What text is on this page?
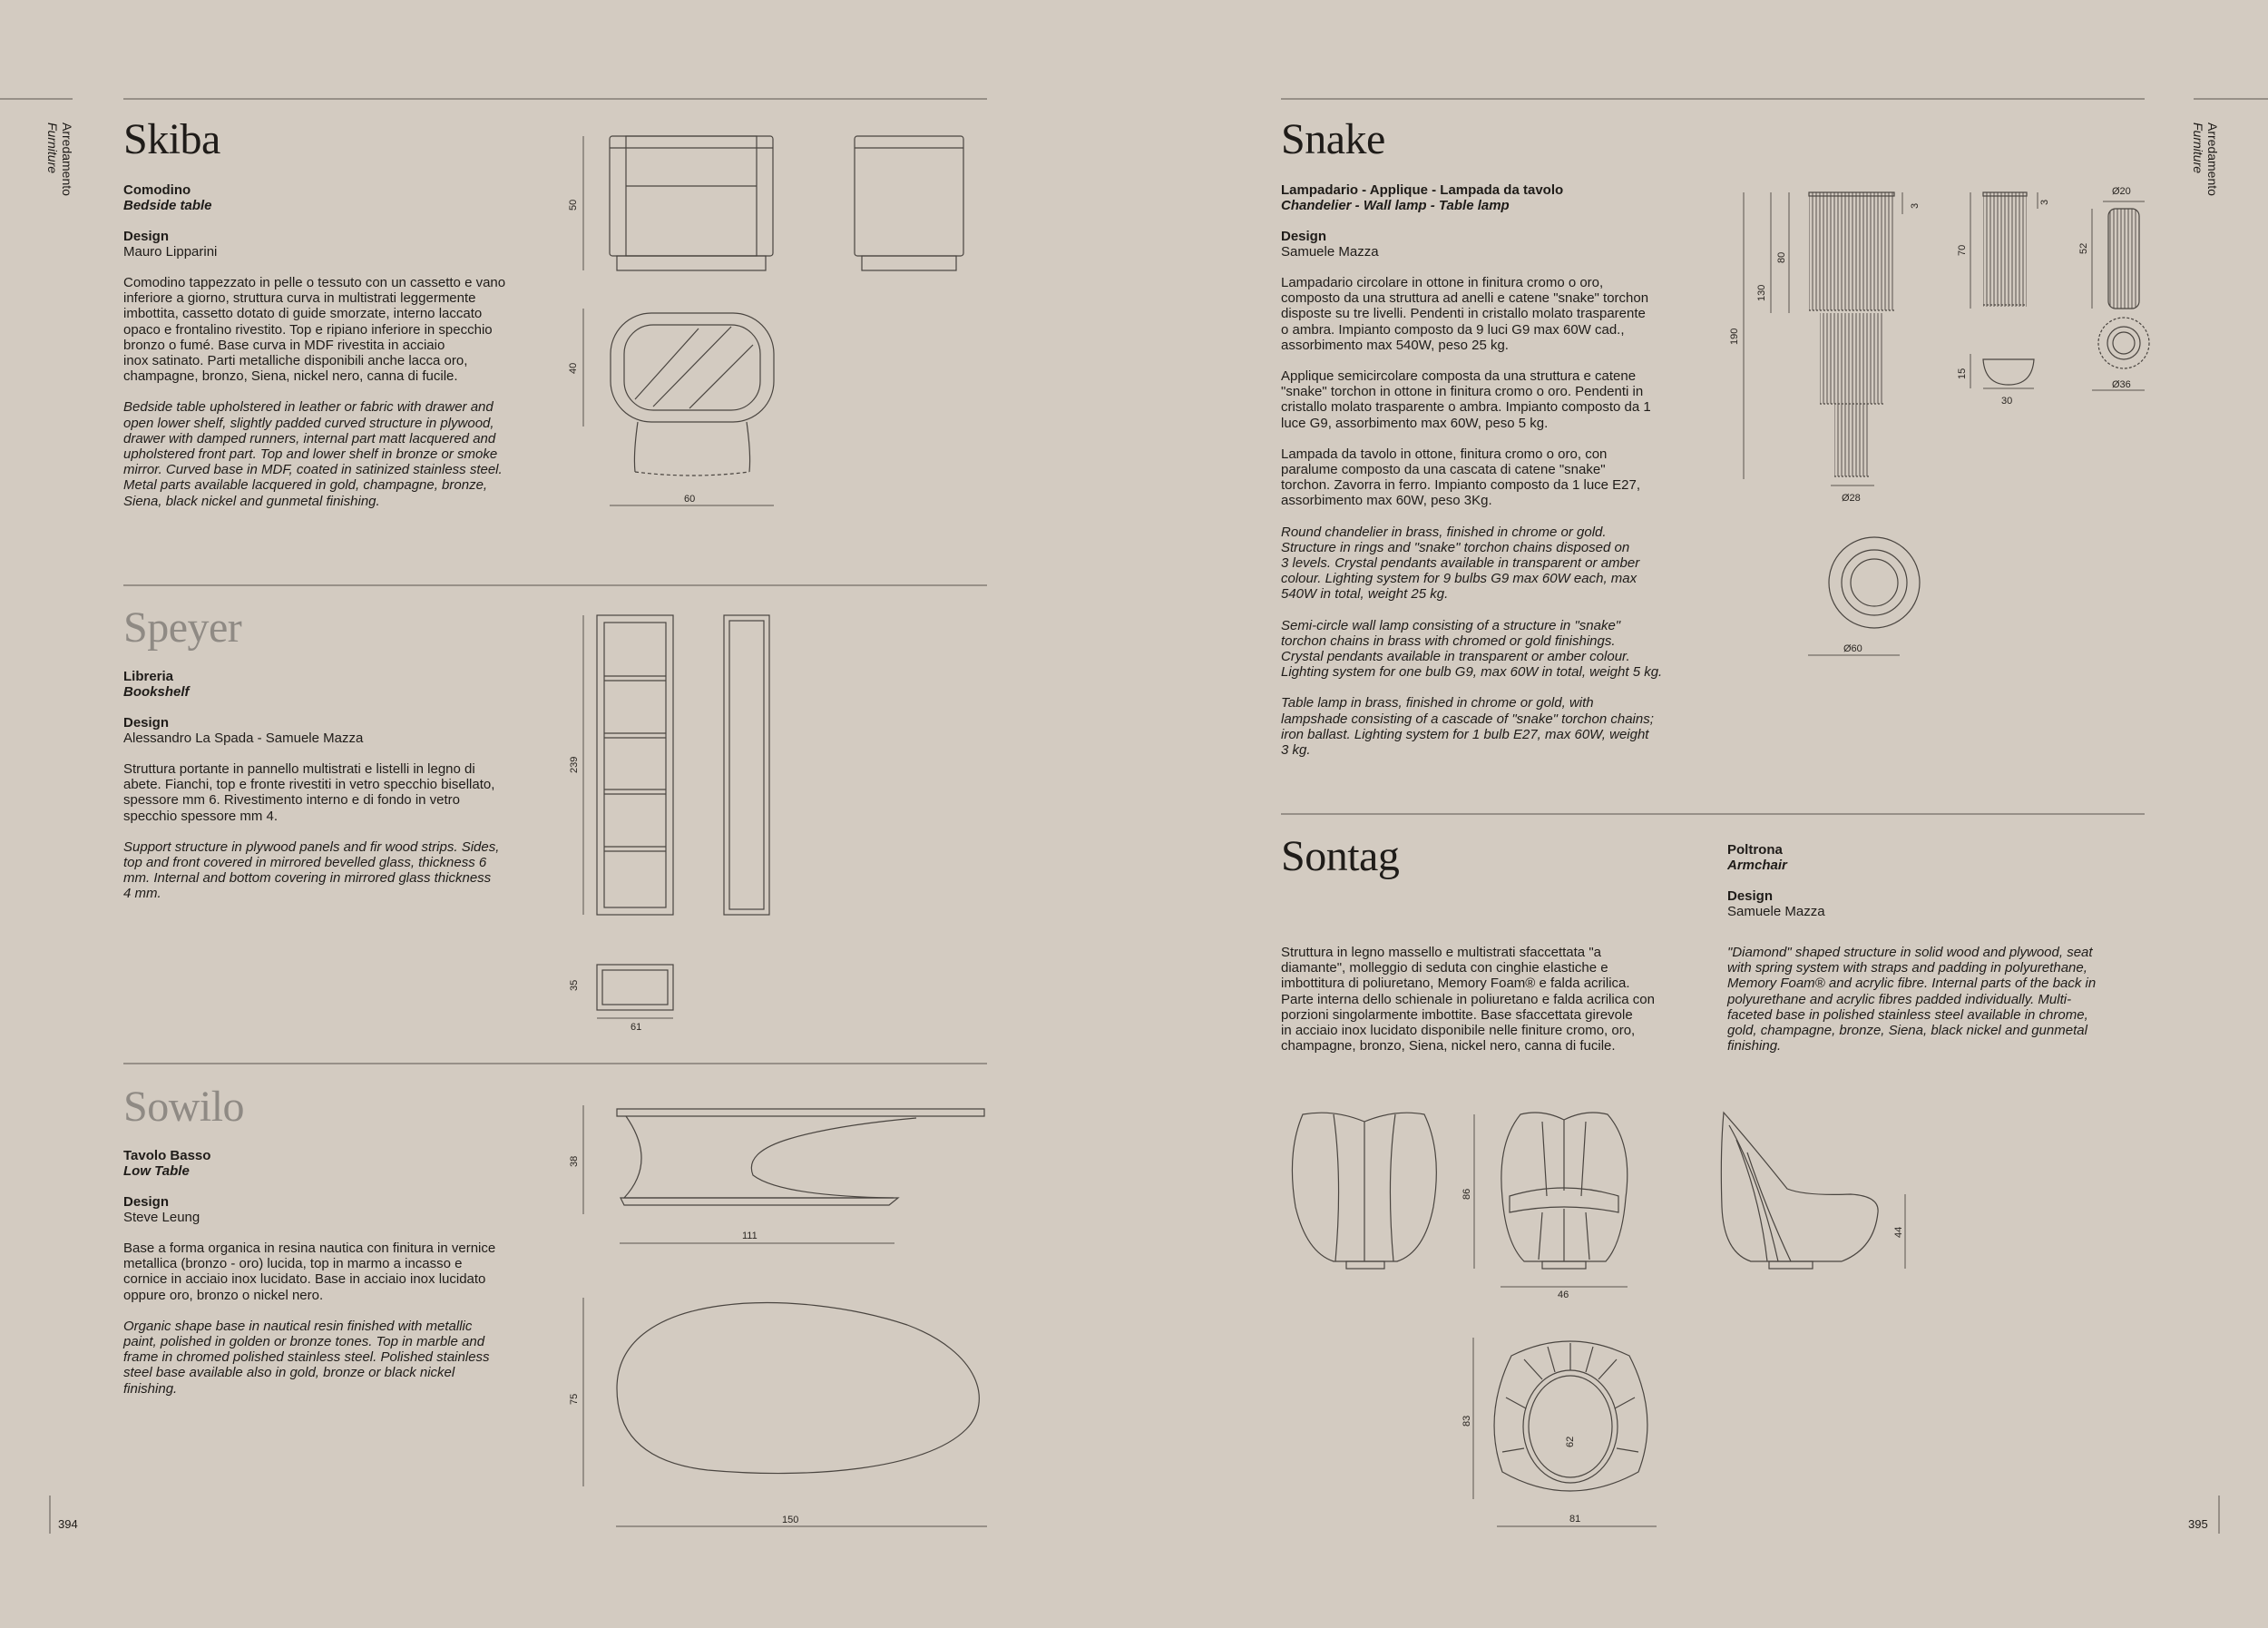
Arredamento
Furniture	Arredamento
Furniture
394	395
Skiba
Comodino
Bedside table
Design
Mauro Lipparini
Comodino tappezzato in pelle o tessuto con un cassetto e vano
inferiore a giorno, struttura curva in multistrati leggermente
imbottita, cassetto dotato di guide smorzate, interno laccato
opaco e frontalino rivestito. Top e ripiano inferiore in specchio
bronzo o fumé. Base curva in MDF rivestita in acciaio
inox satinato. Parti metalliche disponibili anche lacca oro,
champagne, bronzo, Siena, nickel nero, canna di fucile.
Bedside table upholstered in leather or fabric with drawer and
open lower shelf, slightly padded curved structure in plywood,
drawer with damped runners, internal part matt lacquered and
upholstered front part. Top and lower shelf in bronze or smoke
mirror. Curved base in MDF, coated in satinized stainless steel.
Metal parts available lacquered in gold, champagne, bronze,
Siena, black nickel and gunmetal finishing.
50
40
60
Speyer
Libreria
Bookshelf
Design
Alessandro La Spada - Samuele Mazza
Struttura portante in pannello multistrati e listelli in legno di
abete. Fianchi, top e fronte rivestiti in vetro specchio bisellato,
spessore mm 6. Rivestimento interno e di fondo in vetro
specchio spessore mm 4.
Support structure in plywood panels and fir wood strips. Sides,
top and front covered in mirrored bevelled glass, thickness 6
mm. Internal and bottom covering in mirrored glass thickness
4 mm.
239
35
61
Sowilo
Tavolo Basso
Low Table
Design
Steve Leung
Base a forma organica in resina nautica con finitura in vernice
metallica (bronzo - oro) lucida, top in marmo a incasso e
cornice in acciaio inox lucidato. Base in acciaio inox lucidato
oppure oro, bronzo o nickel nero.
Organic shape base in nautical resin finished with metallic
paint, polished in golden or bronze tones. Top in marble and
frame in chromed polished stainless steel. Polished stainless
steel base available also in gold, bronze or black nickel
finishing.
38
111
75
150
Snake
Lampadario - Applique - Lampada da tavolo
Chandelier - Wall lamp - Table lamp
Design
Samuele Mazza
Lampadario circolare in ottone in finitura cromo o oro,
composto da una struttura ad anelli e catene "snake" torchon
disposte su tre livelli. Pendenti in cristallo molato trasparente
o ambra. Impianto composto da 9 luci G9 max 60W cad.,
assorbimento max 540W, peso 25 kg.
Applique semicircolare composta da una struttura e catene
"snake" torchon in ottone in finitura cromo o oro. Pendenti in
cristallo molato trasparente o ambra. Impianto composto da 1
luce G9, assorbimento max 60W, peso 5 kg.
Lampada da tavolo in ottone, finitura cromo o oro, con
paralume composto da una cascata di catene "snake"
torchon. Zavorra in ferro. Impianto composto da 1 luce E27,
assorbimento max 60W, peso 3Kg.
Round chandelier in brass, finished in chrome or gold.
Structure in rings and "snake" torchon chains disposed on
3 levels. Crystal pendants available in transparent or amber
colour. Lighting system for 9 bulbs G9 max 60W each, max
540W in total, weight 25 kg.
Semi-circle wall lamp consisting of a structure in "snake"
torchon chains in brass with chromed or gold finishings.
Crystal pendants available in transparent or amber colour.
Lighting system for one bulb G9, max 60W in total, weight 5 kg.
Table lamp in brass, finished in chrome or gold, with
lampshade consisting of a cascade of "snake" torchon chains;
iron ballast. Lighting system for 1 bulb E27, max 60W, weight
3 kg.
3
80
130
190
Ø28
Ø60
70
3
15
30
Ø20
52
Ø36
Sontag	Poltrona
Armchair
Design
Samuele Mazza
Struttura in legno massello e multistrati sfaccettata "a
diamante", molleggio di seduta con cinghie elastiche e
imbottitura di poliuretano, Memory Foam® e falda acrilica.
Parte interna dello schienale in poliuretano e falda acrilica con
porzioni singolarmente imbottite. Base sfaccettata girevole
in acciaio inox lucidato disponibile nelle finiture cromo, oro,
champagne, bronzo, Siena, nickel nero, canna di fucile.
"Diamond" shaped structure in solid wood and plywood, seat
with spring system with straps and padding in polyurethane,
Memory Foam® and acrylic fibre. Internal parts of the back in
polyurethane and acrylic fibres padded individually. Multi-
faceted base in polished stainless steel available in chrome,
gold, champagne, bronze, Siena, black nickel and gunmetal
finishing.
86
46
44
83
62
81
